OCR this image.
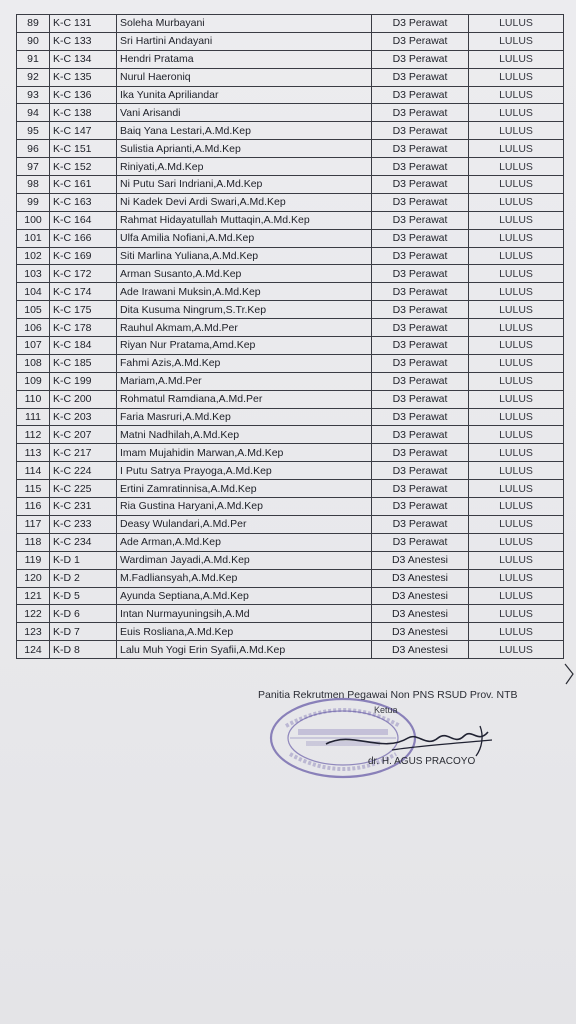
89	K-C 131	Soleha Murbayani	D3 Perawat	LULUS
90	K-C 133	Sri Hartini Andayani	D3 Perawat	LULUS
91	K-C 134	Hendri Pratama	D3 Perawat	LULUS
92	K-C 135	Nurul Haeroniq	D3 Perawat	LULUS
93	K-C 136	Ika Yunita Apriliandar	D3 Perawat	LULUS
94	K-C 138	Vani Arisandi	D3 Perawat	LULUS
95	K-C 147	Baiq Yana Lestari,A.Md.Kep	D3 Perawat	LULUS
96	K-C 151	Sulistia Aprianti,A.Md.Kep	D3 Perawat	LULUS
97	K-C 152	Riniyati,A.Md.Kep	D3 Perawat	LULUS
98	K-C 161	Ni Putu Sari Indriani,A.Md.Kep	D3 Perawat	LULUS
99	K-C 163	Ni Kadek Devi Ardi Swari,A.Md.Kep	D3 Perawat	LULUS
100	K-C 164	Rahmat Hidayatullah Muttaqin,A.Md.Kep	D3 Perawat	LULUS
101	K-C 166	Ulfa Amilia Nofiani,A.Md.Kep	D3 Perawat	LULUS
102	K-C 169	Siti Marlina Yuliana,A.Md.Kep	D3 Perawat	LULUS
103	K-C 172	Arman Susanto,A.Md.Kep	D3 Perawat	LULUS
104	K-C 174	Ade Irawani Muksin,A.Md.Kep	D3 Perawat	LULUS
105	K-C 175	Dita Kusuma Ningrum,S.Tr.Kep	D3 Perawat	LULUS
106	K-C 178	Rauhul Akmam,A.Md.Per	D3 Perawat	LULUS
107	K-C 184	Riyan Nur Pratama,Amd.Kep	D3 Perawat	LULUS
108	K-C 185	Fahmi Azis,A.Md.Kep	D3 Perawat	LULUS
109	K-C 199	Mariam,A.Md.Per	D3 Perawat	LULUS
110	K-C 200	Rohmatul Ramdiana,A.Md.Per	D3 Perawat	LULUS
111	K-C 203	Faria Masruri,A.Md.Kep	D3 Perawat	LULUS
112	K-C 207	Matni Nadhilah,A.Md.Kep	D3 Perawat	LULUS
113	K-C 217	Imam Mujahidin Marwan,A.Md.Kep	D3 Perawat	LULUS
114	K-C 224	I Putu Satrya Prayoga,A.Md.Kep	D3 Perawat	LULUS
115	K-C 225	Ertini Zamratinnisa,A.Md.Kep	D3 Perawat	LULUS
116	K-C 231	Ria Gustina Haryani,A.Md.Kep	D3 Perawat	LULUS
117	K-C 233	Deasy Wulandari,A.Md.Per	D3 Perawat	LULUS
118	K-C 234	Ade Arman,A.Md.Kep	D3 Perawat	LULUS
119	K-D 1	Wardiman Jayadi,A.Md.Kep	D3 Anestesi	LULUS
120	K-D 2	M.Fadliansyah,A.Md.Kep	D3 Anestesi	LULUS
121	K-D 5	Ayunda Septiana,A.Md.Kep	D3 Anestesi	LULUS
122	K-D 6	Intan Nurmayuningsih,A.Md	D3 Anestesi	LULUS
123	K-D 7	Euis Rosliana,A.Md.Kep	D3 Anestesi	LULUS
124	K-D 8	Lalu Muh Yogi Erin Syafii,A.Md.Kep	D3 Anestesi	LULUS
Panitia Rekrutmen Pegawai Non PNS RSUD Prov. NTB
Ketua
dr. H. AGUS PRACOYO
